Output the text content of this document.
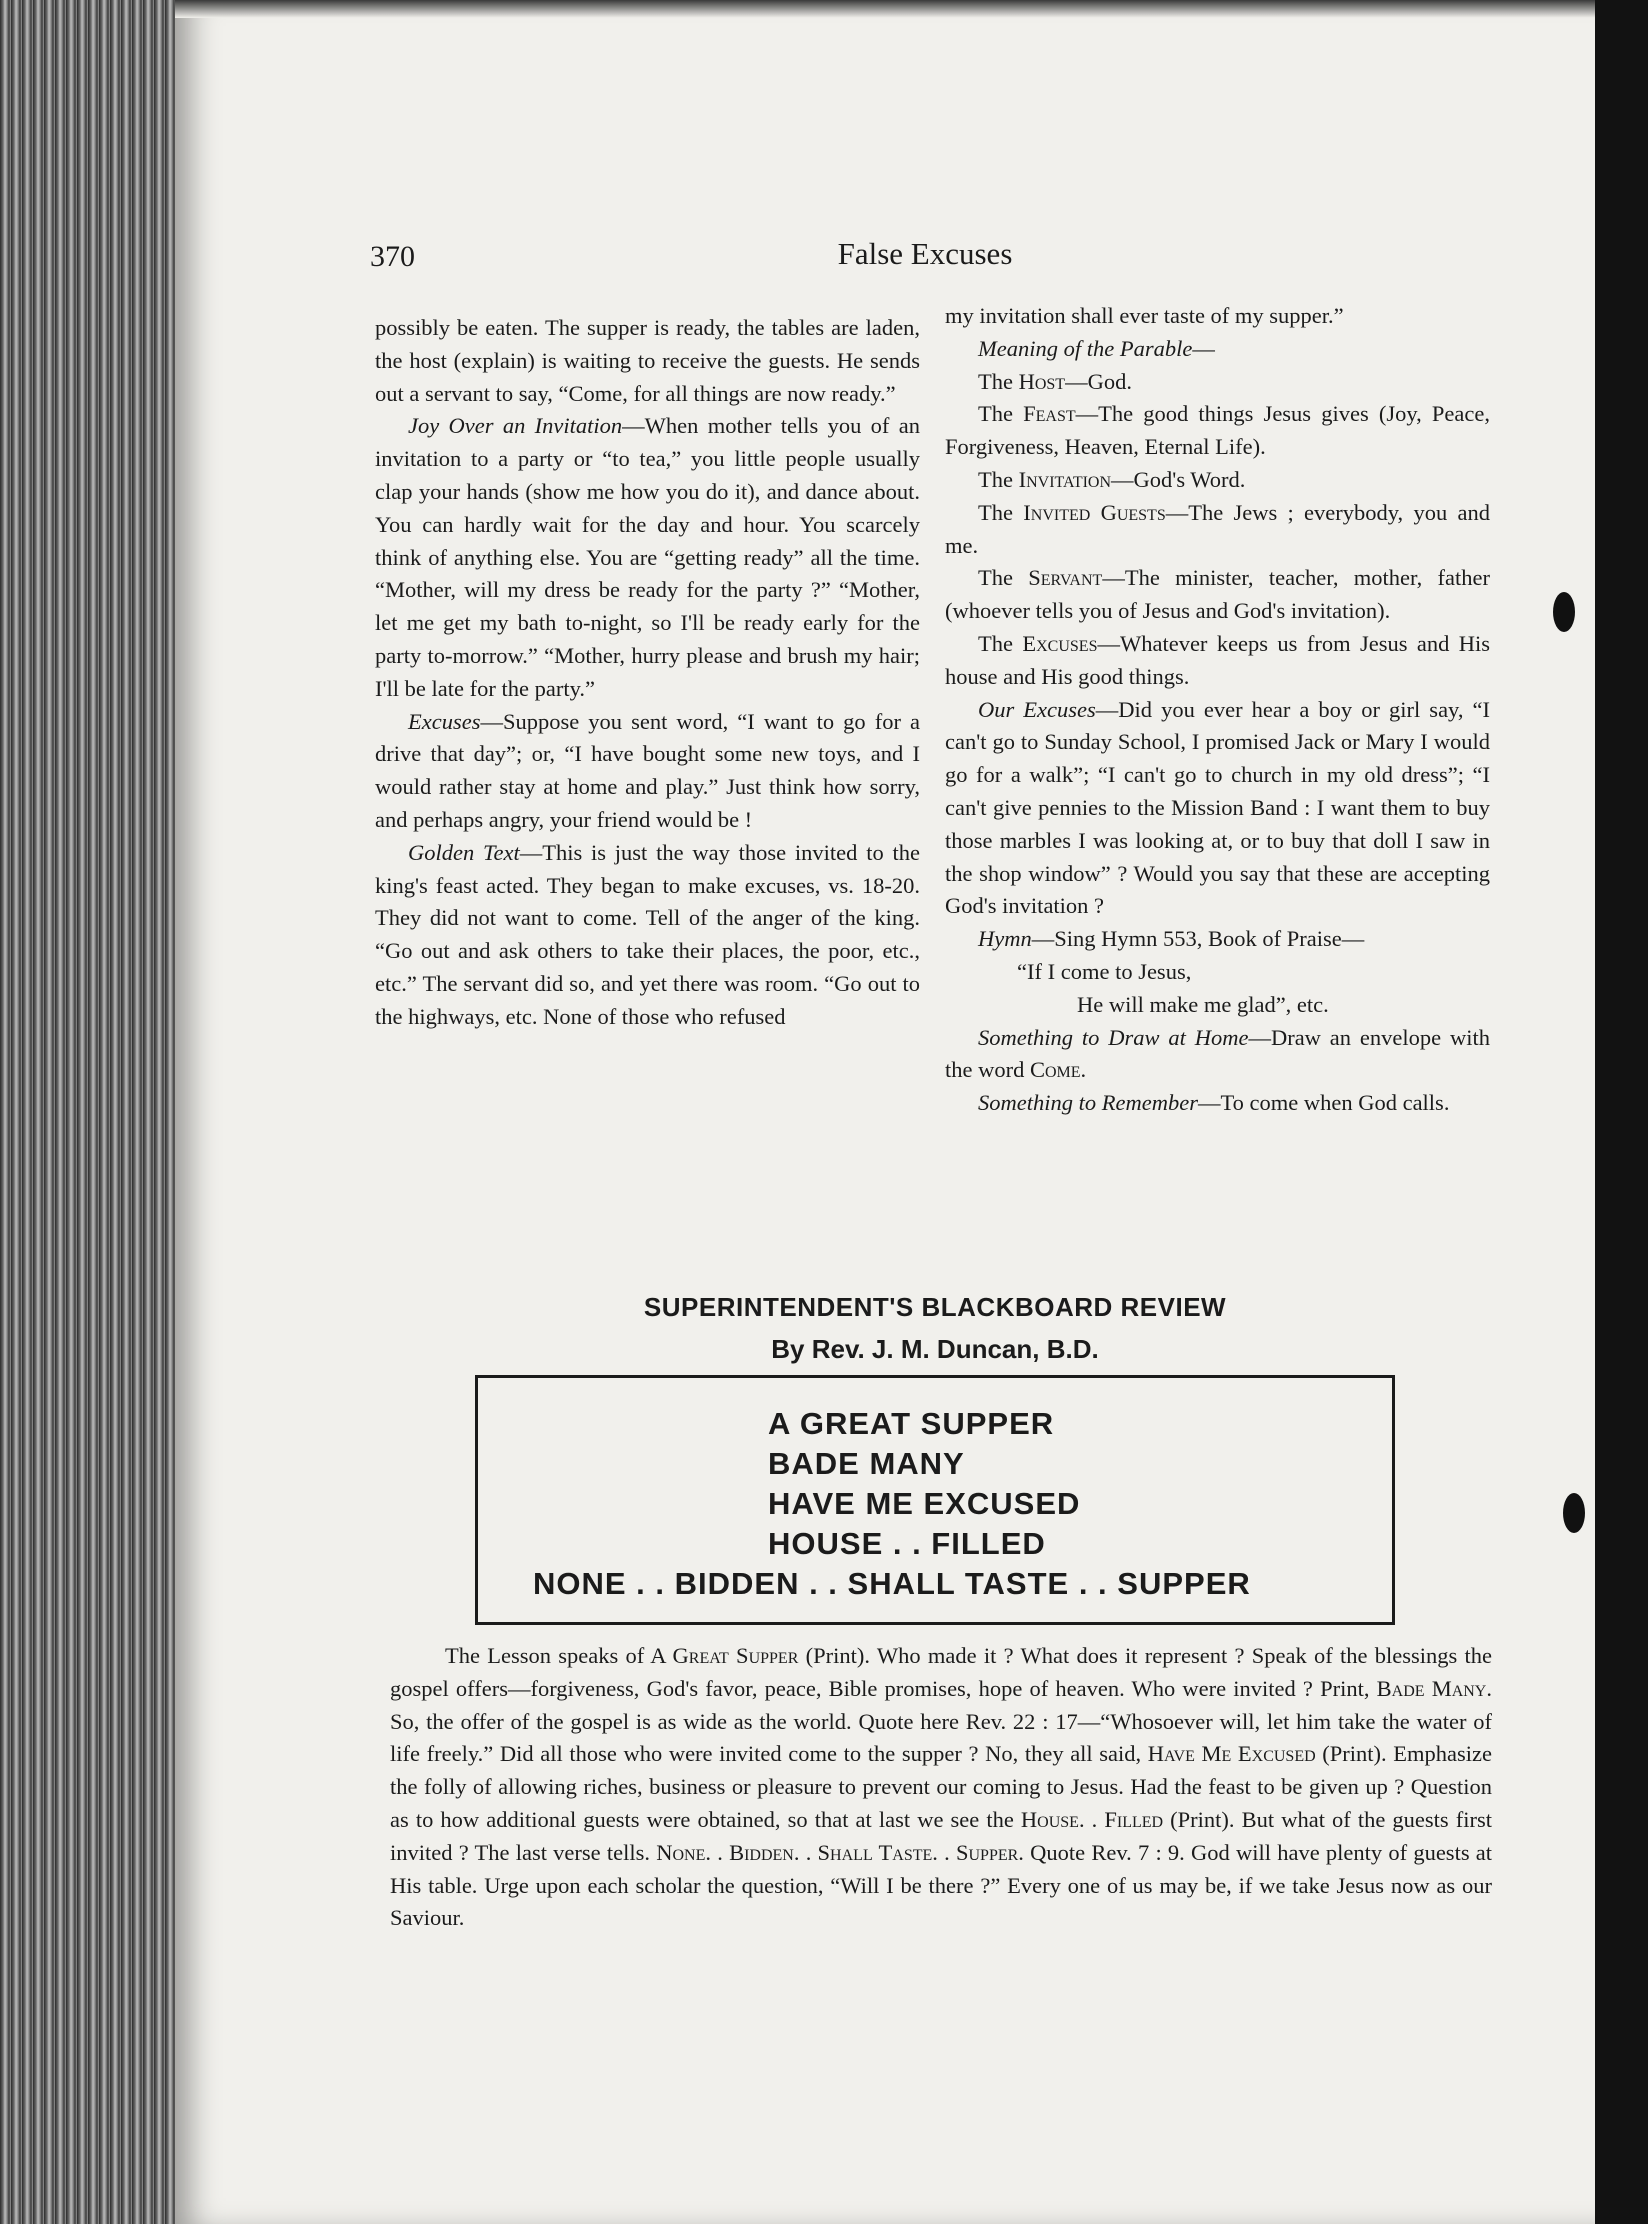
370	False Excuses

possibly be eaten. The supper is ready, the tables are laden, the host (explain) is waiting to receive the guests. He sends out a servant to say, “Come, for all things are now ready.”

Joy Over an Invitation—When mother tells you of an invitation to a party or “to tea,” you little people usually clap your hands (show me how you do it), and dance about. You can hardly wait for the day and hour. You scarcely think of anything else. You are “getting ready” all the time. “Mother, will my dress be ready for the party ?” “Mother, let me get my bath to-night, so I'll be ready early for the party to-morrow.” “Mother, hurry please and brush my hair; I'll be late for the party.”

Excuses—Suppose you sent word, “I want to go for a drive that day”; or, “I have bought some new toys, and I would rather stay at home and play.” Just think how sorry, and perhaps angry, your friend would be !

Golden Text—This is just the way those invited to the king's feast acted. They began to make excuses, vs. 18-20. They did not want to come. Tell of the anger of the king. “Go out and ask others to take their places, the poor, etc., etc.” The servant did so, and yet there was room. “Go out to the highways, etc. None of those who refused

my invitation shall ever taste of my supper.”

Meaning of the Parable—

The Host—God.

The Feast—The good things Jesus gives (Joy, Peace, Forgiveness, Heaven, Eternal Life).

The Invitation—God's Word.

The Invited Guests—The Jews ; everybody, you and me.

The Servant—The minister, teacher, mother, father (whoever tells you of Jesus and God's invitation).

The Excuses—Whatever keeps us from Jesus and His house and His good things.

Our Excuses—Did you ever hear a boy or girl say, “I can't go to Sunday School, I promised Jack or Mary I would go for a walk”; “I can't go to church in my old dress”; “I can't give pennies to the Mission Band : I want them to buy those marbles I was looking at, or to buy that doll I saw in the shop window” ? Would you say that these are accepting God's invitation ?

Hymn—Sing Hymn 553, Book of Praise—

“If I come to Jesus,

He will make me glad”, etc.

Something to Draw at Home—Draw an envelope with the word Come.

Something to Remember—To come when God calls.

SUPERINTENDENT'S BLACKBOARD REVIEW
By Rev. J. M. Duncan, B.D.
A GREAT SUPPER
BADE MANY
HAVE ME EXCUSED
HOUSE . . FILLED
NONE . . BIDDEN . . SHALL TASTE . . SUPPER

The Lesson speaks of A Great Supper (Print). Who made it ? What does it represent ? Speak of the blessings the gospel offers—forgiveness, God's favor, peace, Bible promises, hope of heaven. Who were invited ? Print, Bade Many. So, the offer of the gospel is as wide as the world. Quote here Rev. 22 : 17—“Whosoever will, let him take the water of life freely.” Did all those who were invited come to the supper ? No, they all said, Have Me Excused (Print). Emphasize the folly of allowing riches, business or pleasure to prevent our coming to Jesus. Had the feast to be given up ? Question as to how additional guests were obtained, so that at last we see the House. . Filled (Print). But what of the guests first invited ? The last verse tells. None. . Bidden. . Shall Taste. . Supper. Quote Rev. 7 : 9. God will have plenty of guests at His table. Urge upon each scholar the question, “Will I be there ?” Every one of us may be, if we take Jesus now as our Saviour.
